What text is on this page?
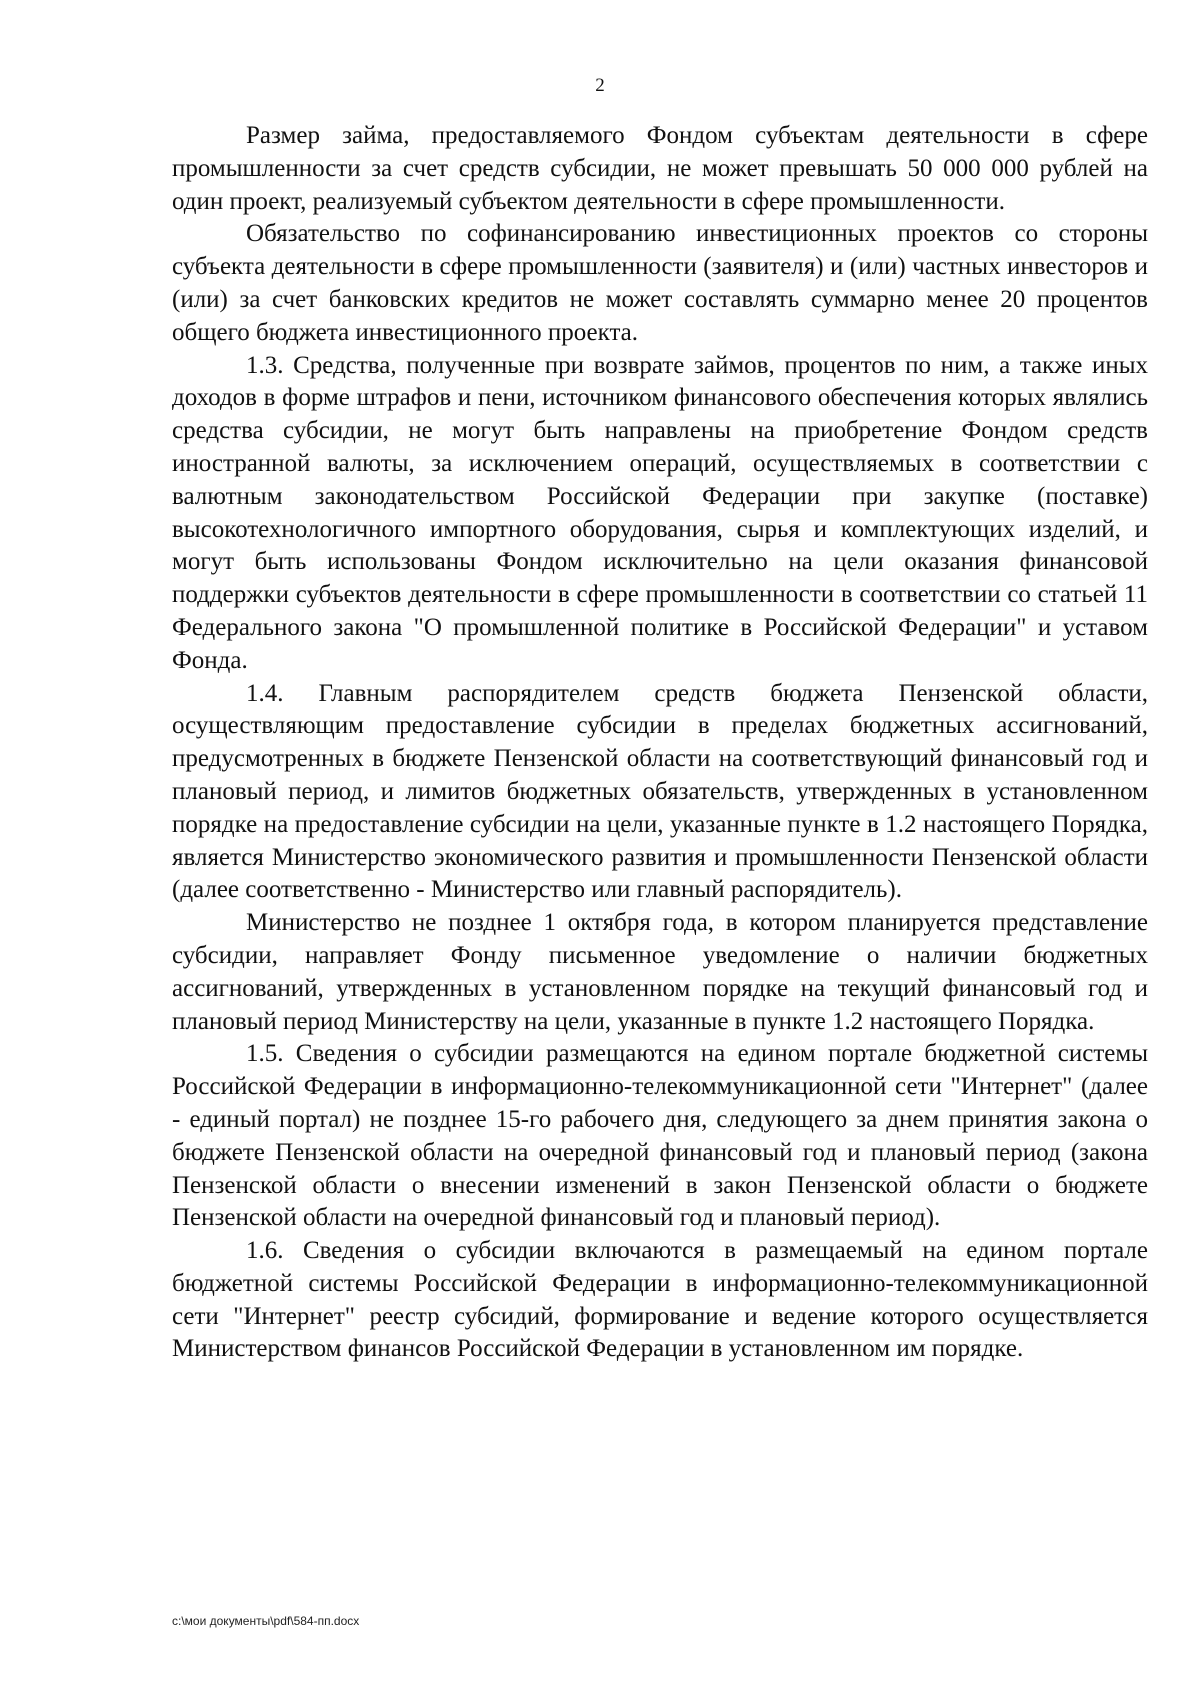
2

Размер займа, предоставляемого Фондом субъектам деятельности в сфере промышленности за счет средств субсидии, не может превышать 50 000 000 рублей на один проект, реализуемый субъектом деятельности в сфере промышленности.

Обязательство по софинансированию инвестиционных проектов со стороны субъекта деятельности в сфере промышленности (заявителя) и (или) частных инвесторов и (или) за счет банковских кредитов не может составлять суммарно менее 20 процентов общего бюджета инвестиционного проекта.

1.3. Средства, полученные при возврате займов, процентов по ним, а также иных доходов в форме штрафов и пени, источником финансового обеспечения которых являлись средства субсидии, не могут быть направлены на приобретение Фондом средств иностранной валюты, за исключением операций, осуществляемых в соответствии с валютным законодательством Российской Федерации при закупке (поставке) высокотехнологичного импортного оборудования, сырья и комплектующих изделий, и могут быть использованы Фондом исключительно на цели оказания финансовой поддержки субъектов деятельности в сфере промышленности в соответствии со статьей 11 Федерального закона "О промышленной политике в Российской Федерации" и уставом Фонда.

1.4. Главным распорядителем средств бюджета Пензенской области, осуществляющим предоставление субсидии в пределах бюджетных ассигнований, предусмотренных в бюджете Пензенской области на соответствующий финансовый год и плановый период, и лимитов бюджетных обязательств, утвержденных в установленном порядке на предоставление субсидии на цели, указанные пункте в 1.2 настоящего Порядка, является Министерство экономического развития и промышленности Пензенской области (далее соответственно - Министерство или главный распорядитель).

Министерство не позднее 1 октября года, в котором планируется представление субсидии, направляет Фонду письменное уведомление о наличии бюджетных ассигнований, утвержденных в установленном порядке на текущий финансовый год и плановый период Министерству на цели, указанные в пункте 1.2 настоящего Порядка.

1.5. Сведения о субсидии размещаются на едином портале бюджетной системы Российской Федерации в информационно-телекоммуникационной сети "Интернет" (далее - единый портал) не позднее 15-го рабочего дня, следующего за днем принятия закона о бюджете Пензенской области на очередной финансовый год и плановый период (закона Пензенской области о внесении изменений в закон Пензенской области о бюджете Пензенской области на очередной финансовый год и плановый период).

1.6. Сведения о субсидии включаются в размещаемый на едином портале бюджетной системы Российской Федерации в информационно-телекоммуникационной сети "Интернет" реестр субсидий, формирование и ведение которого осуществляется Министерством финансов Российской Федерации в установленном им порядке.

c:\мои документы\pdf\584-пп.docx
